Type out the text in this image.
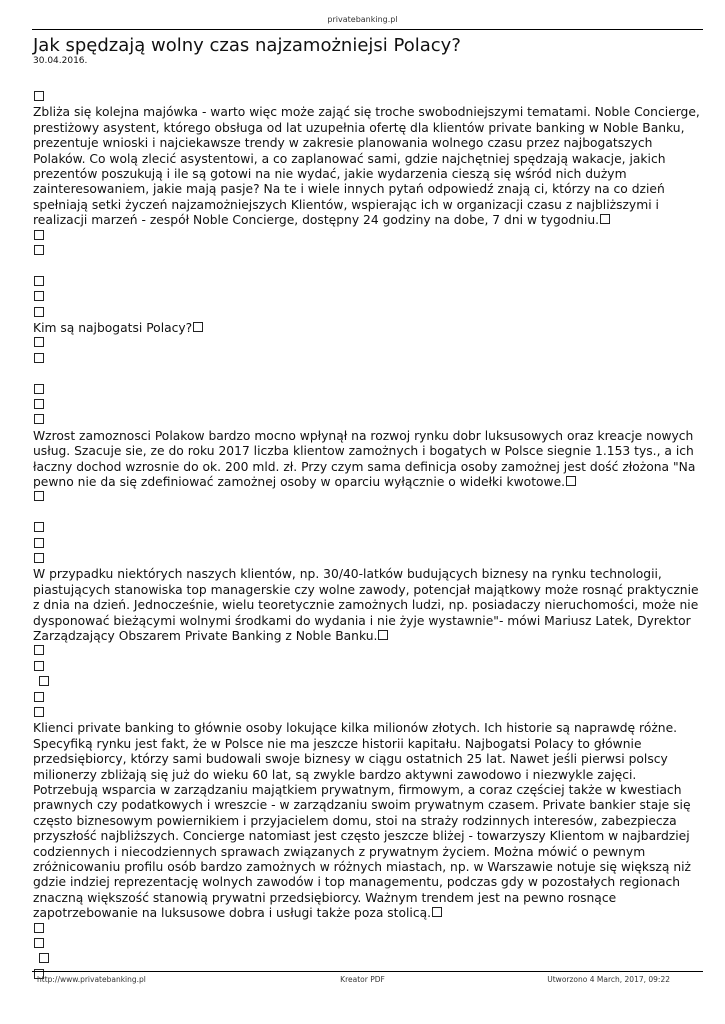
privatebanking.pl
Jak spędzają wolny czas najzamożniejsi Polacy?
30.04.2016.

Zbliża się kolejna majówka - warto więc może zająć się troche swobodniejszymi tematami. Noble Concierge, prestiżowy asystent, którego obsługa od lat uzupełnia ofertę dla klientów private banking w Noble Banku, prezentuje wnioski i najciekawsze trendy w zakresie planowania wolnego czasu przez najbogatszych Polaków. Co wolą zlecić asystentowi, a co zaplanować sami, gdzie najchętniej spędzają wakacje, jakich prezentów poszukują i ile są gotowi na nie wydać, jakie wydarzenia cieszą się wśród nich dużym zainteresowaniem, jakie mają pasje? Na te i wiele innych pytań odpowiedź znają ci, którzy na co dzień spełniają setki życzeń najzamożniejszych Klientów, wspierając ich w organizacji czasu z najbliższymi i realizacji marzeń - zespół Noble Concierge, dostępny 24 godziny na dobe, 7 dni w tygodniu.

Kim są najbogatsi Polacy?

Wzrost zamoznosci Polakow bardzo mocno wpłynął na rozwoj rynku dobr luksusowych oraz kreacje nowych usług. Szacuje sie, ze do roku 2017 liczba klientow zamożnych i bogatych w Polsce siegnie 1.153 tys., a ich łaczny dochod wzrosnie do ok. 200 mld. zł. Przy czym sama definicja osoby zamożnej jest dość złożona "Na pewno nie da się zdefiniować zamożnej osoby w oparciu wyłącznie o widełki kwotowe.

W przypadku niektórych naszych klientów, np. 30/40-latków budujących biznesy na rynku technologii, piastujących stanowiska top managerskie czy wolne zawody, potencjał majątkowy może rosnąć praktycznie z dnia na dzień. Jednocześnie, wielu teoretycznie zamożnych ludzi, np. posiadaczy nieruchomości, może nie dysponować bieżącymi wolnymi środkami do wydania i nie żyje wystawnie"- mówi Mariusz Latek, Dyrektor Zarządzający Obszarem Private Banking z Noble Banku.

Klienci private banking to głównie osoby lokujące kilka milionów złotych. Ich historie są naprawdę różne. Specyfiką rynku jest fakt, że w Polsce nie ma jeszcze historii kapitału. Najbogatsi Polacy to głównie przedsiębiorcy, którzy sami budowali swoje biznesy w ciągu ostatnich 25 lat. Nawet jeśli pierwsi polscy milionerzy zbliżają się już do wieku 60 lat, są zwykle bardzo aktywni zawodowo i niezwykle zajęci. Potrzebują wsparcia w zarządzaniu majątkiem prywatnym, firmowym, a coraz częściej także w kwestiach prawnych czy podatkowych i wreszcie - w zarządzaniu swoim prywatnym czasem. Private bankier staje się często biznesowym powiernikiem i przyjacielem domu, stoi na straży rodzinnych interesów, zabezpiecza przyszłość najbliższych. Concierge natomiast jest często jeszcze bliżej - towarzyszy Klientom w najbardziej codziennych i niecodziennych sprawach związanych z prywatnym życiem. Można mówić o pewnym zróżnicowaniu profilu osób bardzo zamożnych w różnych miastach, np. w Warszawie notuje się większą niż gdzie indziej reprezentację wolnych zawodów i top managementu, podczas gdy w pozostałych regionach znaczną większość stanowią prywatni przedsiębiorcy. Ważnym trendem jest na pewno rosnące zapotrzebowanie na luksusowe dobra i usługi także poza stolicą.

http://www.privatebanking.pl	Kreator PDF	Utworzono 4 March, 2017, 09:22
